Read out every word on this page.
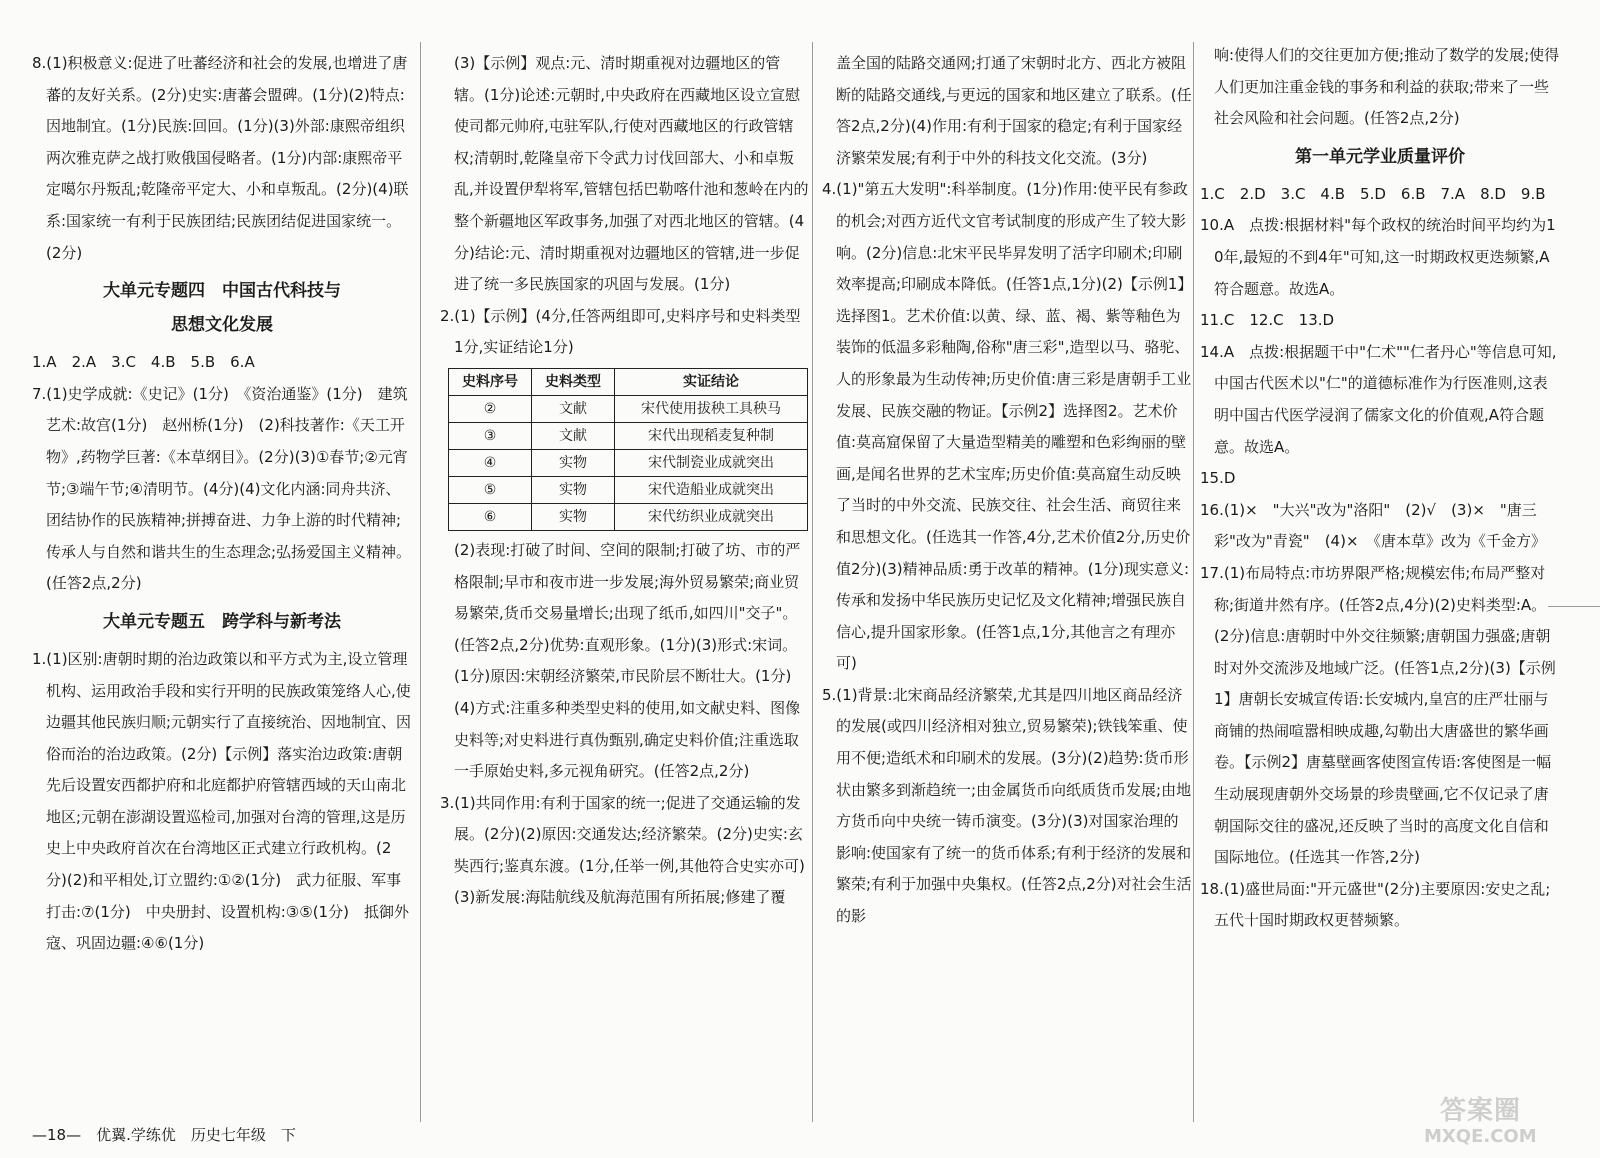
8.(1)积极意义:促进了吐蕃经济和社会的发展,也增进了唐蕃的友好关系。(2分)史实:唐蕃会盟碑。(1分)(2)特点:因地制宜。(1分)民族:回回。(1分)(3)外部:康熙帝组织两次雅克萨之战打败俄国侵略者。(1分)内部:康熙帝平定噶尔丹叛乱;乾隆帝平定大、小和卓叛乱。(2分)(4)联系:国家统一有利于民族团结;民族团结促进国家统一。(2分)

大单元专题四　中国古代科技与
思想文化发展

1.A　2.A　3.C　4.B　5.B　6.A

7.(1)史学成就:《史记》(1分)　《资治通鉴》(1分)　建筑艺术:故宫(1分)　赵州桥(1分)　(2)科技著作:《天工开物》,药物学巨著:《本草纲目》。(2分)(3)①春节;②元宵节;③端午节;④清明节。(4分)(4)文化内涵:同舟共济、团结协作的民族精神;拼搏奋进、力争上游的时代精神;传承人与自然和谐共生的生态理念;弘扬爱国主义精神。(任答2点,2分)

大单元专题五　跨学科与新考法

1.(1)区别:唐朝时期的治边政策以和平方式为主,设立管理机构、运用政治手段和实行开明的民族政策笼络人心,使边疆其他民族归顺;元朝实行了直接统治、因地制宜、因俗而治的治边政策。(2分)【示例】落实治边政策:唐朝先后设置安西都护府和北庭都护府管辖西域的天山南北地区;元朝在澎湖设置巡检司,加强对台湾的管理,这是历史上中央政府首次在台湾地区正式建立行政机构。(2分)(2)和平相处,订立盟约:①②(1分)　武力征服、军事打击:⑦(1分)　中央册封、设置机构:③⑤(1分)　抵御外寇、巩固边疆:④⑥(1分)

(3)【示例】观点:元、清时期重视对边疆地区的管辖。(1分)论述:元朝时,中央政府在西藏地区设立宣慰使司都元帅府,屯驻军队,行使对西藏地区的行政管辖权;清朝时,乾隆皇帝下令武力讨伐回部大、小和卓叛乱,并设置伊犁将军,管辖包括巴勒喀什池和葱岭在内的整个新疆地区军政事务,加强了对西北地区的管辖。(4分)结论:元、清时期重视对边疆地区的管辖,进一步促进了统一多民族国家的巩固与发展。(1分)

2.(1)【示例】(4分,任答两组即可,史料序号和史料类型1分,实证结论1分)

史料序号	史料类型	实证结论
②	文献	宋代使用拔秧工具秧马
③	文献	宋代出现稻麦复种制
④	实物	宋代制瓷业成就突出
⑤	实物	宋代造船业成就突出
⑥	实物	宋代纺织业成就突出

(2)表现:打破了时间、空间的限制;打破了坊、市的严格限制;早市和夜市进一步发展;海外贸易繁荣;商业贸易繁荣,货币交易量增长;出现了纸币,如四川"交子"。(任答2点,2分)优势:直观形象。(1分)(3)形式:宋词。(1分)原因:宋朝经济繁荣,市民阶层不断壮大。(1分)(4)方式:注重多种类型史料的使用,如文献史料、图像史料等;对史料进行真伪甄别,确定史料价值;注重选取一手原始史料,多元视角研究。(任答2点,2分)

3.(1)共同作用:有利于国家的统一;促进了交通运输的发展。(2分)(2)原因:交通发达;经济繁荣。(2分)史实:玄奘西行;鉴真东渡。(1分,任举一例,其他符合史实亦可)(3)新发展:海陆航线及航海范围有所拓展;修建了覆

盖全国的陆路交通网;打通了宋朝时北方、西北方被阻断的陆路交通线,与更远的国家和地区建立了联系。(任答2点,2分)(4)作用:有利于国家的稳定;有利于国家经济繁荣发展;有利于中外的科技文化交流。(3分)

4.(1)"第五大发明":科举制度。(1分)作用:使平民有参政的机会;对西方近代文官考试制度的形成产生了较大影响。(2分)信息:北宋平民毕昇发明了活字印刷术;印刷效率提高;印刷成本降低。(任答1点,1分)(2)【示例1】选择图1。艺术价值:以黄、绿、蓝、褐、紫等釉色为装饰的低温多彩釉陶,俗称"唐三彩",造型以马、骆驼、人的形象最为生动传神;历史价值:唐三彩是唐朝手工业发展、民族交融的物证。【示例2】选择图2。艺术价值:莫高窟保留了大量造型精美的雕塑和色彩绚丽的壁画,是闻名世界的艺术宝库;历史价值:莫高窟生动反映了当时的中外交流、民族交往、社会生活、商贸往来和思想文化。(任选其一作答,4分,艺术价值2分,历史价值2分)(3)精神品质:勇于改革的精神。(1分)现实意义:传承和发扬中华民族历史记忆及文化精神;增强民族自信心,提升国家形象。(任答1点,1分,其他言之有理亦可)

5.(1)背景:北宋商品经济繁荣,尤其是四川地区商品经济的发展(或四川经济相对独立,贸易繁荣);铁钱笨重、使用不便;造纸术和印刷术的发展。(3分)(2)趋势:货币形状由繁多到渐趋统一;由金属货币向纸质货币发展;由地方货币向中央统一铸币演变。(3分)(3)对国家治理的影响:使国家有了统一的货币体系;有利于经济的发展和繁荣;有利于加强中央集权。(任答2点,2分)对社会生活的影

响:使得人们的交往更加方便;推动了数学的发展;使得人们更加注重金钱的事务和利益的获取;带来了一些社会风险和社会问题。(任答2点,2分)

第一单元学业质量评价

1.C　2.D　3.C　4.B　5.D　6.B　7.A　8.D　9.B

10.A　点拨:根据材料"每个政权的统治时间平均约为10年,最短的不到4年"可知,这一时期政权更迭频繁,A符合题意。故选A。

11.C　12.C　13.D

14.A　点拨:根据题干中"仁术""仁者丹心"等信息可知,中国古代医术以"仁"的道德标准作为行医准则,这表明中国古代医学浸润了儒家文化的价值观,A符合题意。故选A。

15.D

16.(1)×　"大兴"改为"洛阳"　(2)√　(3)×　"唐三彩"改为"青瓷"　(4)×　《唐本草》改为《千金方》

17.(1)布局特点:市坊界限严格;规模宏伟;布局严整对称;街道井然有序。(任答2点,4分)(2)史料类型:A。(2分)信息:唐朝时中外交往频繁;唐朝国力强盛;唐朝时对外交流涉及地域广泛。(任答1点,2分)(3)【示例1】唐朝长安城宣传语:长安城内,皇宫的庄严壮丽与商铺的热闹喧嚣相映成趣,勾勒出大唐盛世的繁华画卷。【示例2】唐墓壁画客使图宣传语:客使图是一幅生动展现唐朝外交场景的珍贵壁画,它不仅记录了唐朝国际交往的盛况,还反映了当时的高度文化自信和国际地位。(任选其一作答,2分)

18.(1)盛世局面:"开元盛世"(2分)主要原因:安史之乱;五代十国时期政权更替频繁。

—18—　优翼.学练优　历史七年级　下
答案圈
MXQE.COM
